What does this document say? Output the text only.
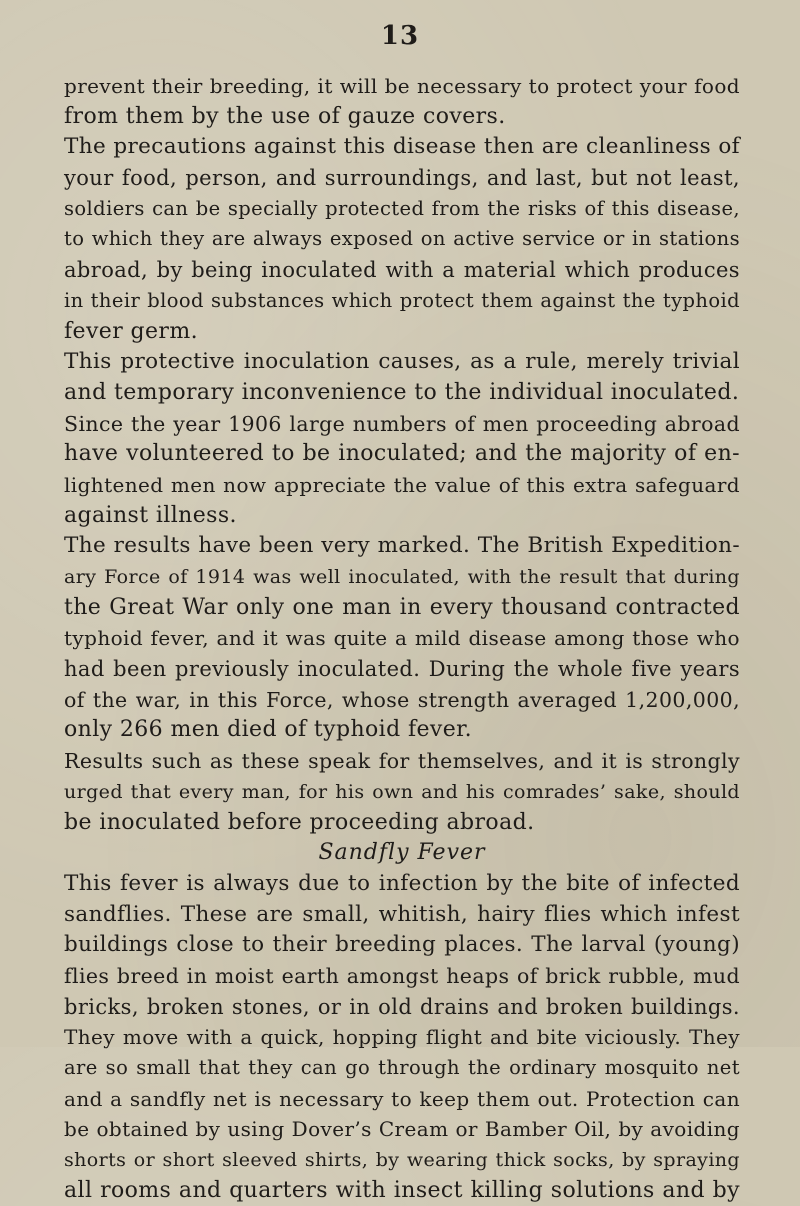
13
prevent their breeding, it will be necessary to protect your food
from them by the use of gauze covers.
The precautions against this disease then are cleanliness of
your food, person, and surroundings, and last, but not least,
soldiers can be specially protected from the risks of this disease,
to which they are always exposed on active service or in stations
abroad, by being inoculated with a material which produces
in their blood substances which protect them against the typhoid
fever germ.
This protective inoculation causes, as a rule, merely trivial
and temporary inconvenience to the individual inoculated.
Since the year 1906 large numbers of men proceeding abroad
have volunteered to be inoculated; and the majority of en-
lightened men now appreciate the value of this extra safeguard
against illness.
The results have been very marked. The British Expedition-
ary Force of 1914 was well inoculated, with the result that during
the Great War only one man in every thousand contracted
typhoid fever, and it was quite a mild disease among those who
had been previously inoculated. During the whole five years
of the war, in this Force, whose strength averaged 1,200,000,
only 266 men died of typhoid fever.
Results such as these speak for themselves, and it is strongly
urged that every man, for his own and his comrades’ sake, should
be inoculated before proceeding abroad.
Sandfly Fever
This fever is always due to infection by the bite of infected
sandflies. These are small, whitish, hairy flies which infest
buildings close to their breeding places. The larval (young)
flies breed in moist earth amongst heaps of brick rubble, mud
bricks, broken stones, or in old drains and broken buildings.
They move with a quick, hopping flight and bite viciously. They
are so small that they can go through the ordinary mosquito net
and a sandfly net is necessary to keep them out. Protection can
be obtained by using Dover’s Cream or Bamber Oil, by avoiding
shorts or short sleeved shirts, by wearing thick socks, by spraying
all rooms and quarters with insect killing solutions and by
